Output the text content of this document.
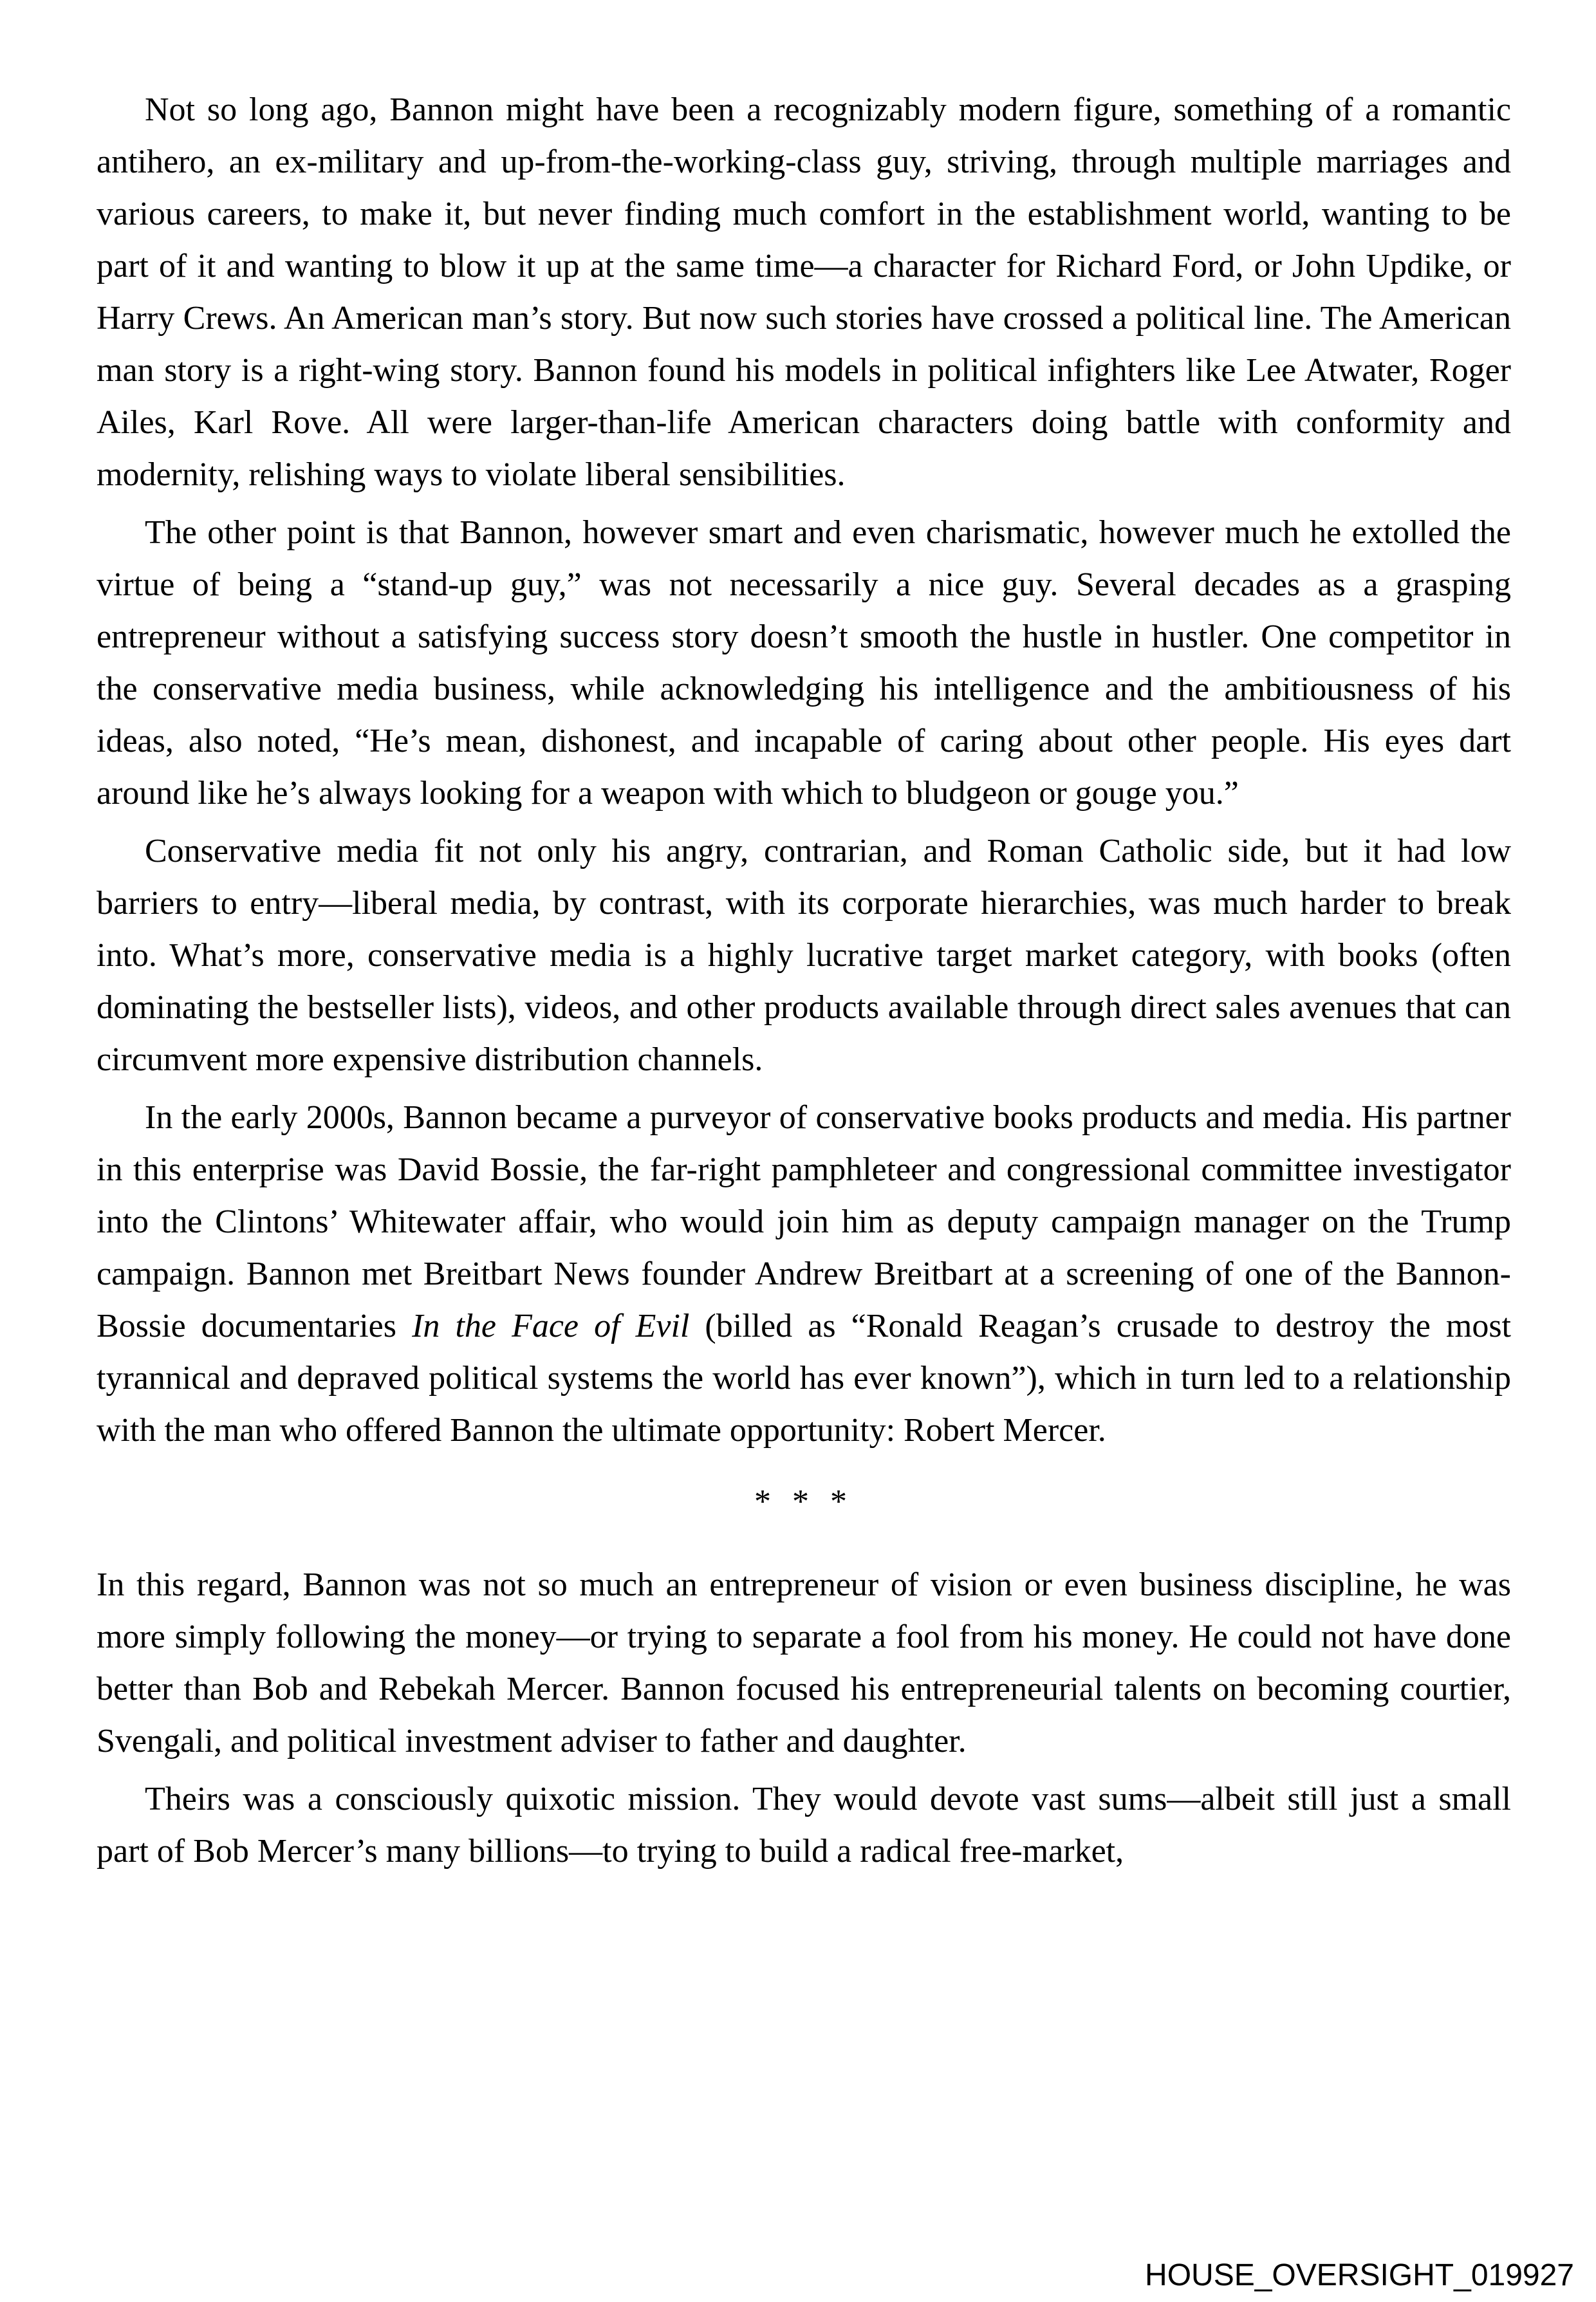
Not so long ago, Bannon might have been a recognizably modern figure, something of a romantic antihero, an ex-military and up-from-the-working-class guy, striving, through multiple marriages and various careers, to make it, but never finding much comfort in the establishment world, wanting to be part of it and wanting to blow it up at the same time—a character for Richard Ford, or John Updike, or Harry Crews. An American man’s story. But now such stories have crossed a political line. The American man story is a right-wing story. Bannon found his models in political infighters like Lee Atwater, Roger Ailes, Karl Rove. All were larger-than-life American characters doing battle with conformity and modernity, relishing ways to violate liberal sensibilities.

The other point is that Bannon, however smart and even charismatic, however much he extolled the virtue of being a “stand-up guy,” was not necessarily a nice guy. Several decades as a grasping entrepreneur without a satisfying success story doesn’t smooth the hustle in hustler. One competitor in the conservative media business, while acknowledging his intelligence and the ambitiousness of his ideas, also noted, “He’s mean, dishonest, and incapable of caring about other people. His eyes dart around like he’s always looking for a weapon with which to bludgeon or gouge you.”

Conservative media fit not only his angry, contrarian, and Roman Catholic side, but it had low barriers to entry—liberal media, by contrast, with its corporate hierarchies, was much harder to break into. What’s more, conservative media is a highly lucrative target market category, with books (often dominating the bestseller lists), videos, and other products available through direct sales avenues that can circumvent more expensive distribution channels.

In the early 2000s, Bannon became a purveyor of conservative books products and media. His partner in this enterprise was David Bossie, the far-right pamphleteer and congressional committee investigator into the Clintons’ Whitewater affair, who would join him as deputy campaign manager on the Trump campaign. Bannon met Breitbart News founder Andrew Breitbart at a screening of one of the Bannon-Bossie documentaries In the Face of Evil (billed as “Ronald Reagan’s crusade to destroy the most tyrannical and depraved political systems the world has ever known”), which in turn led to a relationship with the man who offered Bannon the ultimate opportunity: Robert Mercer.

* * *

In this regard, Bannon was not so much an entrepreneur of vision or even business discipline, he was more simply following the money—or trying to separate a fool from his money. He could not have done better than Bob and Rebekah Mercer. Bannon focused his entrepreneurial talents on becoming courtier, Svengali, and political investment adviser to father and daughter.

Theirs was a consciously quixotic mission. They would devote vast sums—albeit still just a small part of Bob Mercer’s many billions—to trying to build a radical free-market,

HOUSE_OVERSIGHT_019927
